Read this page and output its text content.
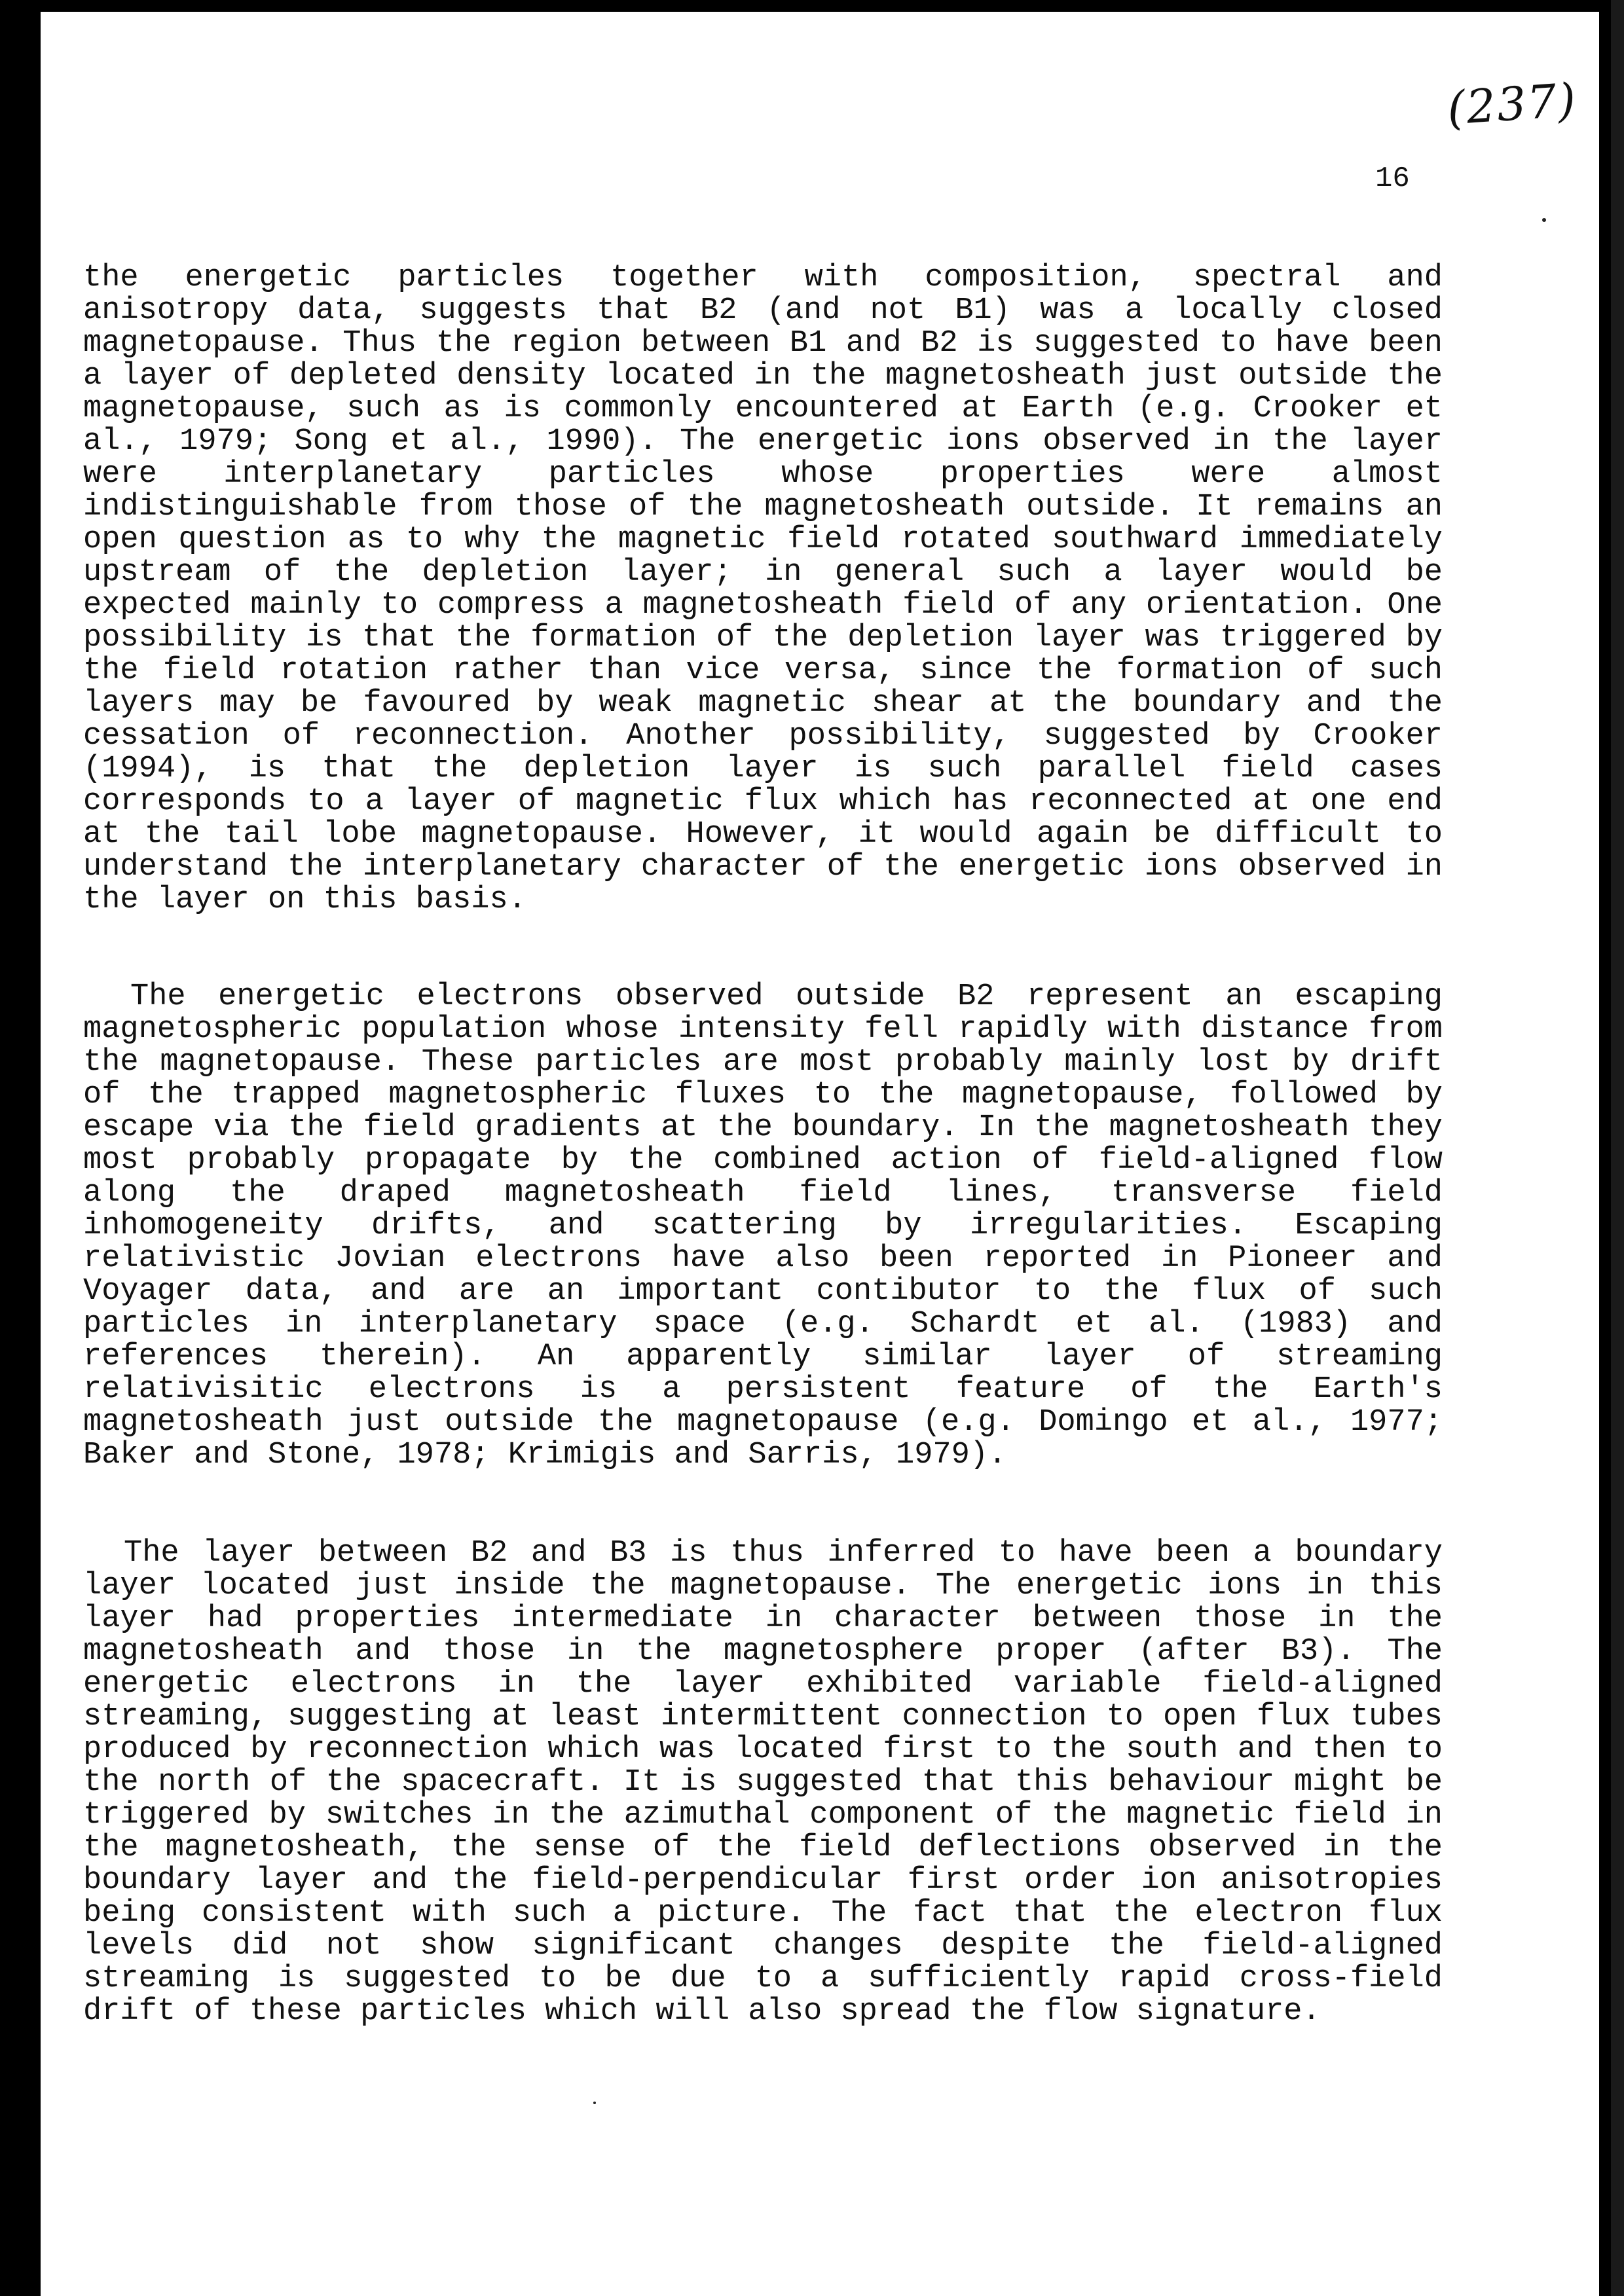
(237)
16

the energetic particles together with composition, spectral and anisotropy data, suggests that B2 (and not B1) was a locally closed magnetopause. Thus the region between B1 and B2 is suggested to have been a layer of depleted density located in the magnetosheath just outside the magnetopause, such as is commonly encountered at Earth (e.g. Crooker et al., 1979; Song et al., 1990). The energetic ions observed in the layer were interplanetary particles whose properties were almost indistinguishable from those of the magnetosheath outside. It remains an open question as to why the magnetic field rotated southward immediately upstream of the depletion layer; in general such a layer would be expected mainly to compress a magnetosheath field of any orientation. One possibility is that the formation of the depletion layer was triggered by the field rotation rather than vice versa, since the formation of such layers may be favoured by weak magnetic shear at the boundary and the cessation of reconnection. Another possibility, suggested by Crooker (1994), is that the depletion layer is such parallel field cases corresponds to a layer of magnetic flux which has reconnected at one end at the tail lobe magnetopause. However, it would again be difficult to understand the interplanetary character of the energetic ions observed in the layer on this basis.

The energetic electrons observed outside B2 represent an escaping magnetospheric population whose intensity fell rapidly with distance from the magnetopause. These particles are most probably mainly lost by drift of the trapped magnetospheric fluxes to the magnetopause, followed by escape via the field gradients at the boundary. In the magnetosheath they most probably propagate by the combined action of field-aligned flow along the draped magnetosheath field lines, transverse field inhomogeneity drifts, and scattering by irregularities. Escaping relativistic Jovian electrons have also been reported in Pioneer and Voyager data, and are an important contibutor to the flux of such particles in interplanetary space (e.g. Schardt et al. (1983) and references therein). An apparently similar layer of streaming relativisitic electrons is a persistent feature of the Earth's magnetosheath just outside the magnetopause (e.g. Domingo et al., 1977; Baker and Stone, 1978; Krimigis and Sarris, 1979).

The layer between B2 and B3 is thus inferred to have been a boundary layer located just inside the magnetopause. The energetic ions in this layer had properties intermediate in character between those in the magnetosheath and those in the magnetosphere proper (after B3). The energetic electrons in the layer exhibited variable field-aligned streaming, suggesting at least intermittent connection to open flux tubes produced by reconnection which was located first to the south and then to the north of the spacecraft. It is suggested that this behaviour might be triggered by switches in the azimuthal component of the magnetic field in the magnetosheath, the sense of the field deflections observed in the boundary layer and the field-perpendicular first order ion anisotropies being consistent with such a picture. The fact that the electron flux levels did not show significant changes despite the field-aligned streaming is suggested to be due to a sufficiently rapid cross-field drift of these particles which will also spread the flow signature.
